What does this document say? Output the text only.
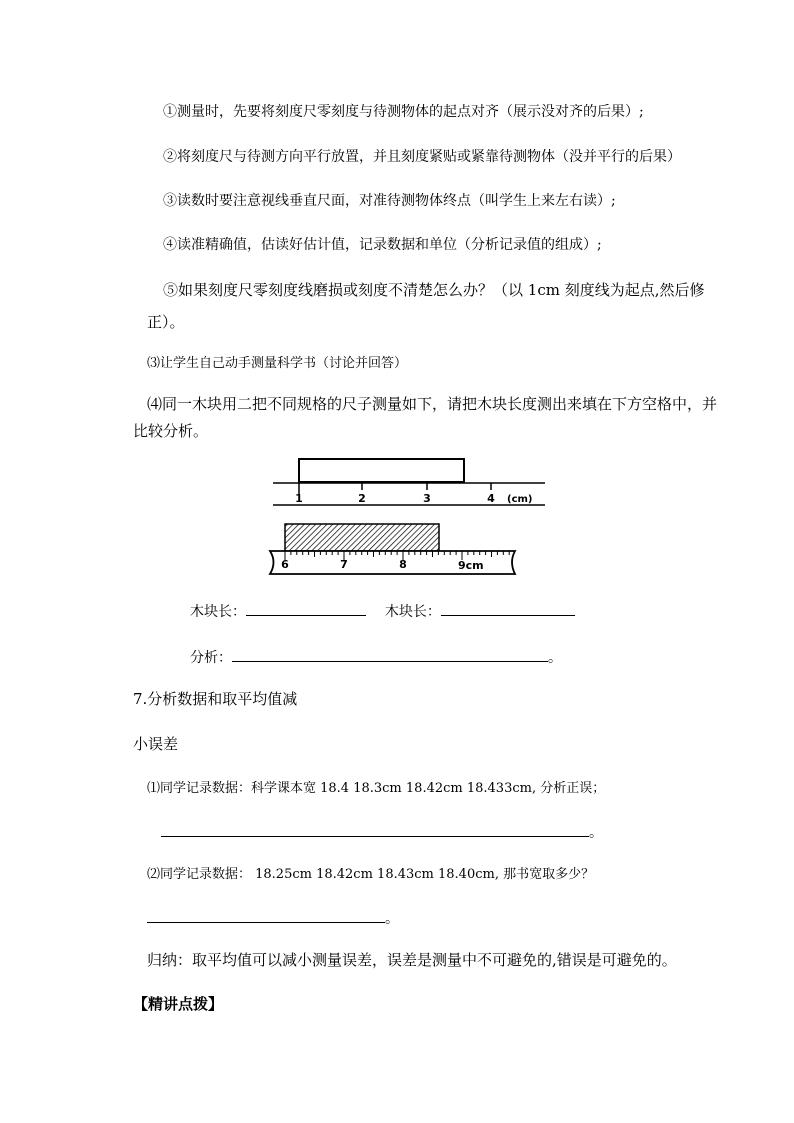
①测量时，先要将刻度尺零刻度与待测物体的起点对齐（展示没对齐的后果）;
②将刻度尺与待测方向平行放置，并且刻度紧贴或紧靠待测物体（没并平行的后果）
③读数时要注意视线垂直尺面，对准待测物体终点（叫学生上来左右读）;
④读准精确值，估读好估计值，记录数据和单位（分析记录值的组成）;
⑤如果刻度尺零刻度线磨损或刻度不清楚怎么办？（以 1cm 刻度线为起点,然后修
正）。
⑶让学生自己动手测量科学书（讨论并回答）
⑷同一木块用二把不同规格的尺子测量如下，请把木块长度测出来填在下方空格中，并
比较分析。
1	2	3	4 (cm)
6	7	8	9cm
木块长：	木块长：
分析：	。
7.分析数据和取平均值减
小误差
⑴同学记录数据：科学课本宽 18.4 18.3cm 18.42cm 18.433cm, 分析正误；
。
⑵同学记录数据： 18.25cm 18.42cm 18.43cm 18.40cm, 那书宽取多少？
。
归纳：取平均值可以减小测量误差，误差是测量中不可避免的,错误是可避免的。
【精讲点拨】
